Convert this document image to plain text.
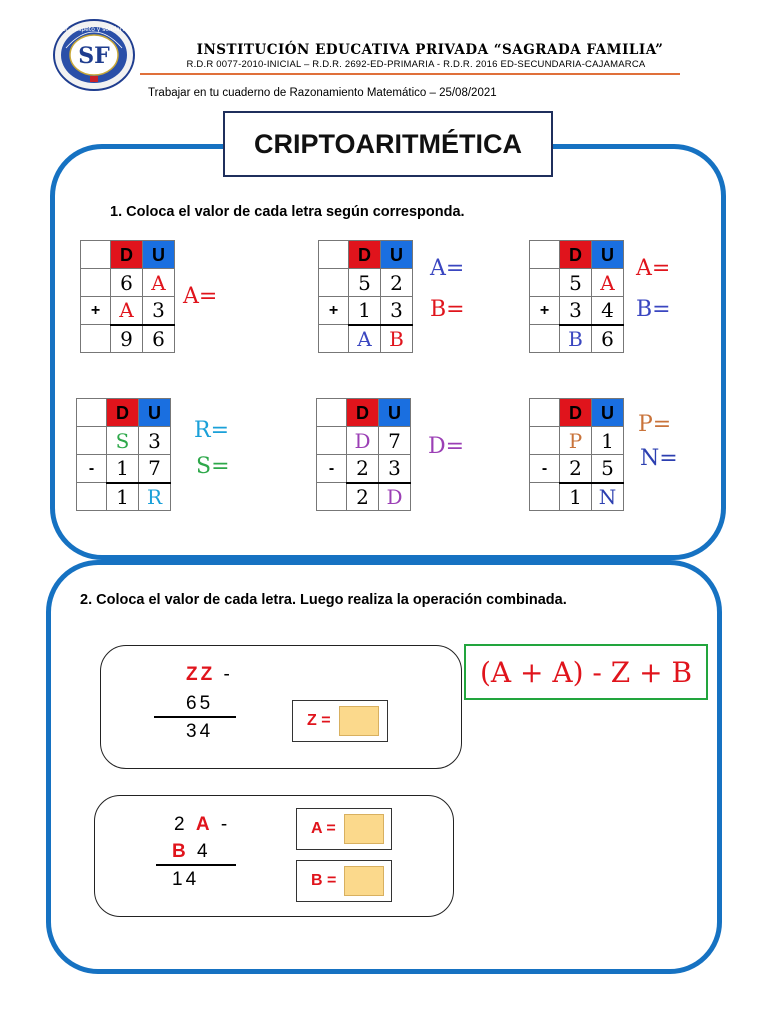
SF
amor, respeto y solidaridad
INSTITUCIÓN EDUCATIVA PRIVADA “SAGRADA FAMILIA”
R.D.R 0077-2010-INICIAL – R.D.R. 2692-ED-PRIMARIA - R.D.R. 2016 ED-SECUNDARIA-CAJAMARCA
Trabajar en tu cuaderno de Razonamiento Matemático – 25/08/2021
CRIPTOARITMÉTICA
1. Coloca el valor de cada letra según corresponda.
	D	U
	6	A
+	A	3
	9	6
A=
	D	U
	5	2
+	1	3
	A	B
A=
B=
	D	U
	5	A
+	3	4
	B	6
A=
B=
	D	U
	S	3
-	1	7
	1	R
R=
S=
	D	U
	D	7
-	2	3
	2	D
D=
	D	U
	P	1
-	2	5
	1	N
P=
N=
2. Coloca el valor de cada letra. Luego realiza la operación combinada.
ZZ -
65
34
Z =
(A + A) - Z + B
2 A -
B 4
14
A =
B =
